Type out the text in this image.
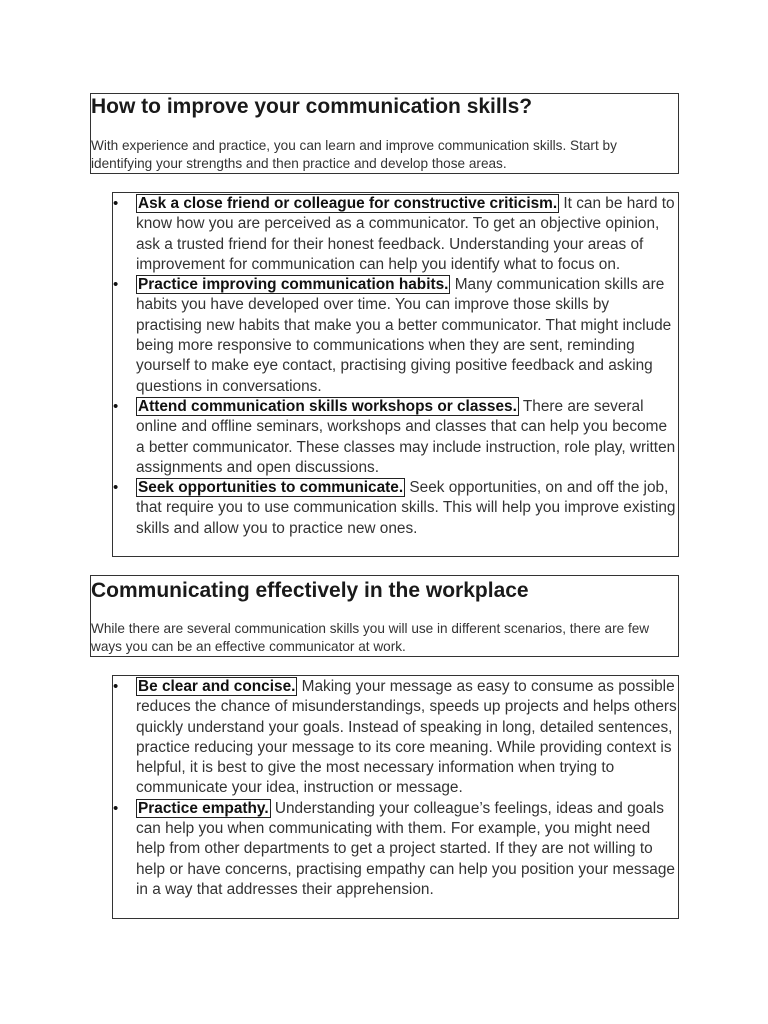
How to improve your communication skills?

With experience and practice, you can learn and improve communication skills. Start by identifying your strengths and then practice and develop those areas.

• Ask a close friend or colleague for constructive criticism. It can be hard to know how you are perceived as a communicator. To get an objective opinion, ask a trusted friend for their honest feedback. Understanding your areas of improvement for communication can help you identify what to focus on.
• Practice improving communication habits. Many communication skills are habits you have developed over time. You can improve those skills by practising new habits that make you a better communicator. That might include being more responsive to communications when they are sent, reminding yourself to make eye contact, practising giving positive feedback and asking questions in conversations.
• Attend communication skills workshops or classes. There are several online and offline seminars, workshops and classes that can help you become a better communicator. These classes may include instruction, role play, written assignments and open discussions.
• Seek opportunities to communicate. Seek opportunities, on and off the job, that require you to use communication skills. This will help you improve existing skills and allow you to practice new ones.
Communicating effectively in the workplace

While there are several communication skills you will use in different scenarios, there are few ways you can be an effective communicator at work.

• Be clear and concise. Making your message as easy to consume as possible reduces the chance of misunderstandings, speeds up projects and helps others quickly understand your goals. Instead of speaking in long, detailed sentences, practice reducing your message to its core meaning. While providing context is helpful, it is best to give the most necessary information when trying to communicate your idea, instruction or message.
• Practice empathy. Understanding your colleague’s feelings, ideas and goals can help you when communicating with them. For example, you might need help from other departments to get a project started. If they are not willing to help or have concerns, practising empathy can help you position your message in a way that addresses their apprehension.
